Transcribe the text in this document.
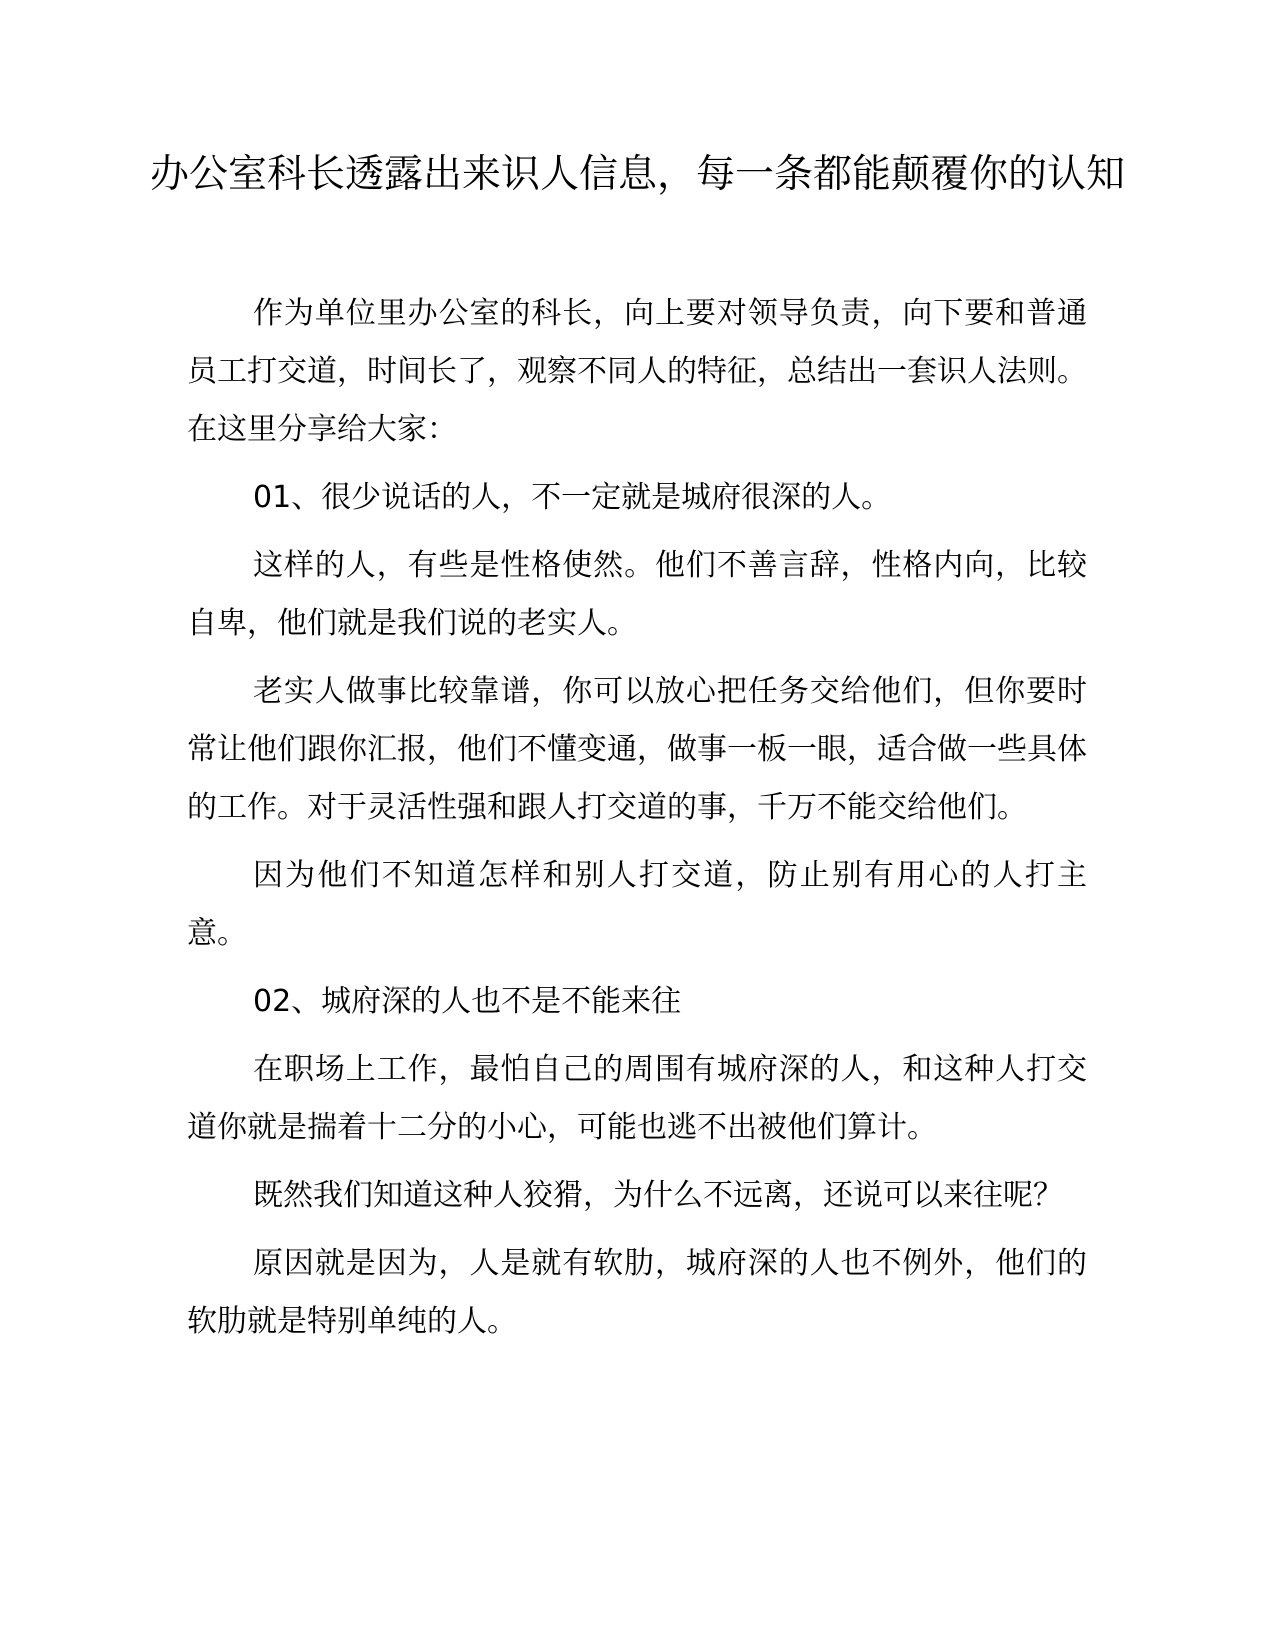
办公室科长透露出来识人信息，每一条都能颠覆你的认知

作为单位里办公室的科长，向上要对领导负责，向下要和普通员工打交道，时间长了，观察不同人的特征，总结出一套识人法则。在这里分享给大家：

01、很少说话的人，不一定就是城府很深的人。

这样的人，有些是性格使然。他们不善言辞，性格内向，比较自卑，他们就是我们说的老实人。

老实人做事比较靠谱，你可以放心把任务交给他们，但你要时常让他们跟你汇报，他们不懂变通，做事一板一眼，适合做一些具体的工作。对于灵活性强和跟人打交道的事，千万不能交给他们。

因为他们不知道怎样和别人打交道，防止别有用心的人打主意。

02、城府深的人也不是不能来往

在职场上工作，最怕自己的周围有城府深的人，和这种人打交道你就是揣着十二分的小心，可能也逃不出被他们算计。

既然我们知道这种人狡猾，为什么不远离，还说可以来往呢？

原因就是因为，人是就有软肋，城府深的人也不例外，他们的软肋就是特别单纯的人。
